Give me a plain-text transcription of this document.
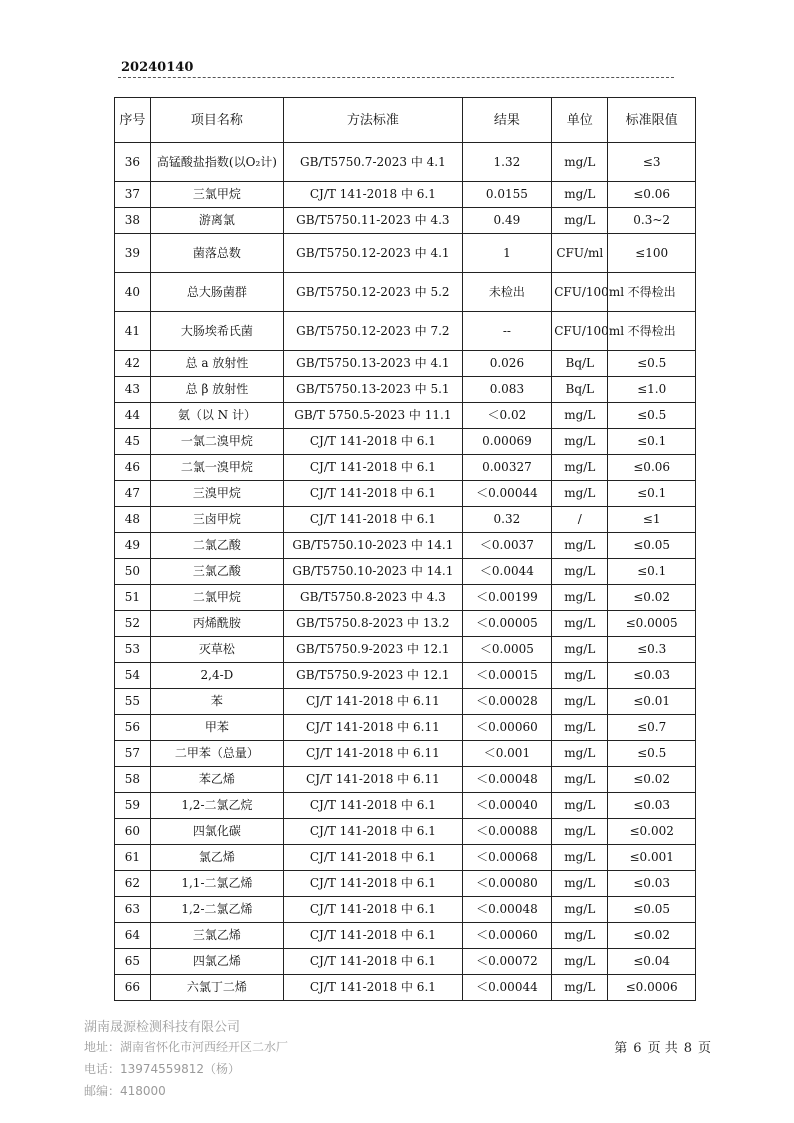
20240140
序号	项目名称	方法标准	结果	单位	标准限值
36	高锰酸盐指数(以O₂计)	GB/T5750.7-2023 中 4.1	1.32	mg/L	≤3
37	三氯甲烷	CJ/T 141-2018 中 6.1	0.0155	mg/L	≤0.06
38	游离氯	GB/T5750.11-2023 中 4.3	0.49	mg/L	0.3~2
39	菌落总数	GB/T5750.12-2023 中 4.1	1	CFU/ml	≤100
40	总大肠菌群	GB/T5750.12-2023 中 5.2	未检出	CFU/100ml	不得检出
41	大肠埃希氏菌	GB/T5750.12-2023 中 7.2	--	CFU/100ml	不得检出
42	总 a 放射性	GB/T5750.13-2023 中 4.1	0.026	Bq/L	≤0.5
43	总 β 放射性	GB/T5750.13-2023 中 5.1	0.083	Bq/L	≤1.0
44	氨（以 N 计）	GB/T 5750.5-2023 中 11.1	＜0.02	mg/L	≤0.5
45	一氯二溴甲烷	CJ/T 141-2018 中 6.1	0.00069	mg/L	≤0.1
46	二氯一溴甲烷	CJ/T 141-2018 中 6.1	0.00327	mg/L	≤0.06
47	三溴甲烷	CJ/T 141-2018 中 6.1	＜0.00044	mg/L	≤0.1
48	三卤甲烷	CJ/T 141-2018 中 6.1	0.32	/	≤1
49	二氯乙酸	GB/T5750.10-2023 中 14.1	＜0.0037	mg/L	≤0.05
50	三氯乙酸	GB/T5750.10-2023 中 14.1	＜0.0044	mg/L	≤0.1
51	二氯甲烷	GB/T5750.8-2023 中 4.3	＜0.00199	mg/L	≤0.02
52	丙烯酰胺	GB/T5750.8-2023 中 13.2	＜0.00005	mg/L	≤0.0005
53	灭草松	GB/T5750.9-2023 中 12.1	＜0.0005	mg/L	≤0.3
54	2,4-D	GB/T5750.9-2023 中 12.1	＜0.00015	mg/L	≤0.03
55	苯	CJ/T 141-2018 中 6.11	＜0.00028	mg/L	≤0.01
56	甲苯	CJ/T 141-2018 中 6.11	＜0.00060	mg/L	≤0.7
57	二甲苯（总量）	CJ/T 141-2018 中 6.11	＜0.001	mg/L	≤0.5
58	苯乙烯	CJ/T 141-2018 中 6.11	＜0.00048	mg/L	≤0.02
59	1,2-二氯乙烷	CJ/T 141-2018 中 6.1	＜0.00040	mg/L	≤0.03
60	四氯化碳	CJ/T 141-2018 中 6.1	＜0.00088	mg/L	≤0.002
61	氯乙烯	CJ/T 141-2018 中 6.1	＜0.00068	mg/L	≤0.001
62	1,1-二氯乙烯	CJ/T 141-2018 中 6.1	＜0.00080	mg/L	≤0.03
63	1,2-二氯乙烯	CJ/T 141-2018 中 6.1	＜0.00048	mg/L	≤0.05
64	三氯乙烯	CJ/T 141-2018 中 6.1	＜0.00060	mg/L	≤0.02
65	四氯乙烯	CJ/T 141-2018 中 6.1	＜0.00072	mg/L	≤0.04
66	六氯丁二烯	CJ/T 141-2018 中 6.1	＜0.00044	mg/L	≤0.0006
湖南晟源检测科技有限公司
地址：湖南省怀化市河西经开区二水厂
电话：13974559812（杨）
邮编：418000
第 6 页 共 8 页
